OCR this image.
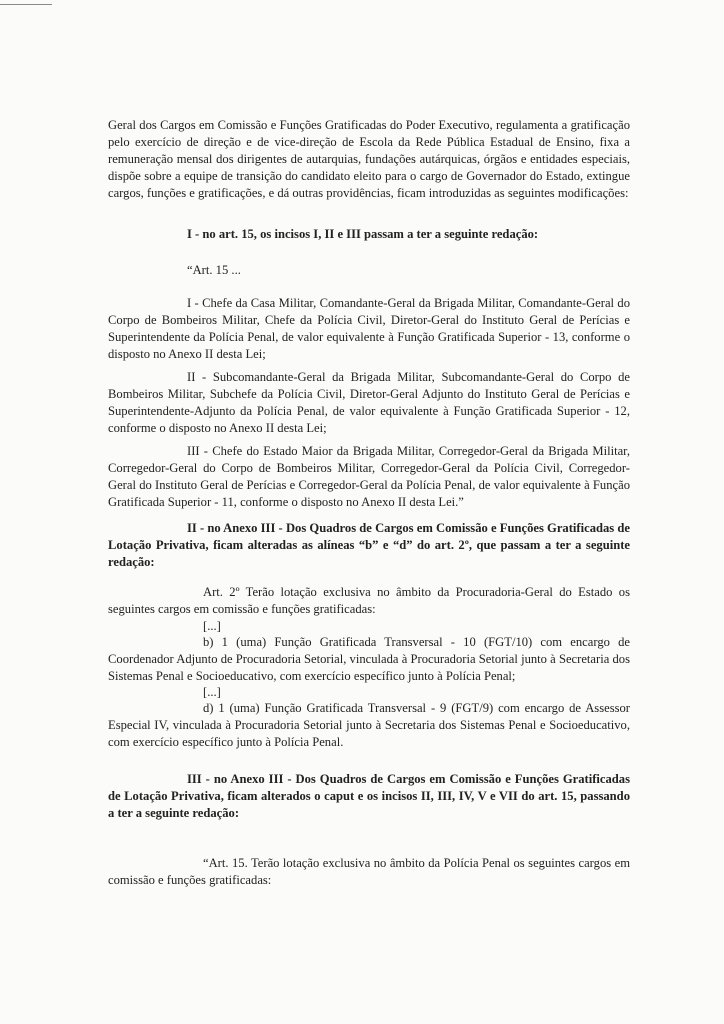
Geral dos Cargos em Comissão e Funções Gratificadas do Poder Executivo, regulamenta a gratificação pelo exercício de direção e de vice-direção de Escola da Rede Pública Estadual de Ensino, fixa a remuneração mensal dos dirigentes de autarquias, fundações autárquicas, órgãos e entidades especiais, dispõe sobre a equipe de transição do candidato eleito para o cargo de Governador do Estado, extingue cargos, funções e gratificações, e dá outras providências, ficam introduzidas as seguintes modificações:

I - no art. 15, os incisos I, II e III passam a ter a seguinte redação:

“Art. 15 ...

I - Chefe da Casa Militar, Comandante-Geral da Brigada Militar, Comandante-Geral do Corpo de Bombeiros Militar, Chefe da Polícia Civil, Diretor-Geral do Instituto Geral de Perícias e Superintendente da Polícia Penal, de valor equivalente à Função Gratificada Superior - 13, conforme o disposto no Anexo II desta Lei;

II - Subcomandante-Geral da Brigada Militar, Subcomandante-Geral do Corpo de Bombeiros Militar, Subchefe da Polícia Civil, Diretor-Geral Adjunto do Instituto Geral de Perícias e Superintendente-Adjunto da Polícia Penal, de valor equivalente à Função Gratificada Superior - 12, conforme o disposto no Anexo II desta Lei;

III - Chefe do Estado Maior da Brigada Militar, Corregedor-Geral da Brigada Militar, Corregedor-Geral do Corpo de Bombeiros Militar, Corregedor-Geral da Polícia Civil, Corregedor-Geral do Instituto Geral de Perícias e Corregedor-Geral da Polícia Penal, de valor equivalente à Função Gratificada Superior - 11, conforme o disposto no Anexo II desta Lei.”

II - no Anexo III - Dos Quadros de Cargos em Comissão e Funções Gratificadas de Lotação Privativa, ficam alteradas as alíneas “b” e “d” do art. 2º, que passam a ter a seguinte redação:

Art. 2º Terão lotação exclusiva no âmbito da Procuradoria-Geral do Estado os seguintes cargos em comissão e funções gratificadas:

[...]

b) 1 (uma) Função Gratificada Transversal - 10 (FGT/10) com encargo de Coordenador Adjunto de Procuradoria Setorial, vinculada à Procuradoria Setorial junto à Secretaria dos Sistemas Penal e Socioeducativo, com exercício específico junto à Polícia Penal;

[...]

d) 1 (uma) Função Gratificada Transversal - 9 (FGT/9) com encargo de Assessor Especial IV, vinculada à Procuradoria Setorial junto à Secretaria dos Sistemas Penal e Socioeducativo, com exercício específico junto à Polícia Penal.

III - no Anexo III - Dos Quadros de Cargos em Comissão e Funções Gratificadas de Lotação Privativa, ficam alterados o caput e os incisos II, III, IV, V e VII do art. 15, passando a ter a seguinte redação:

“Art. 15. Terão lotação exclusiva no âmbito da Polícia Penal os seguintes cargos em comissão e funções gratificadas:
